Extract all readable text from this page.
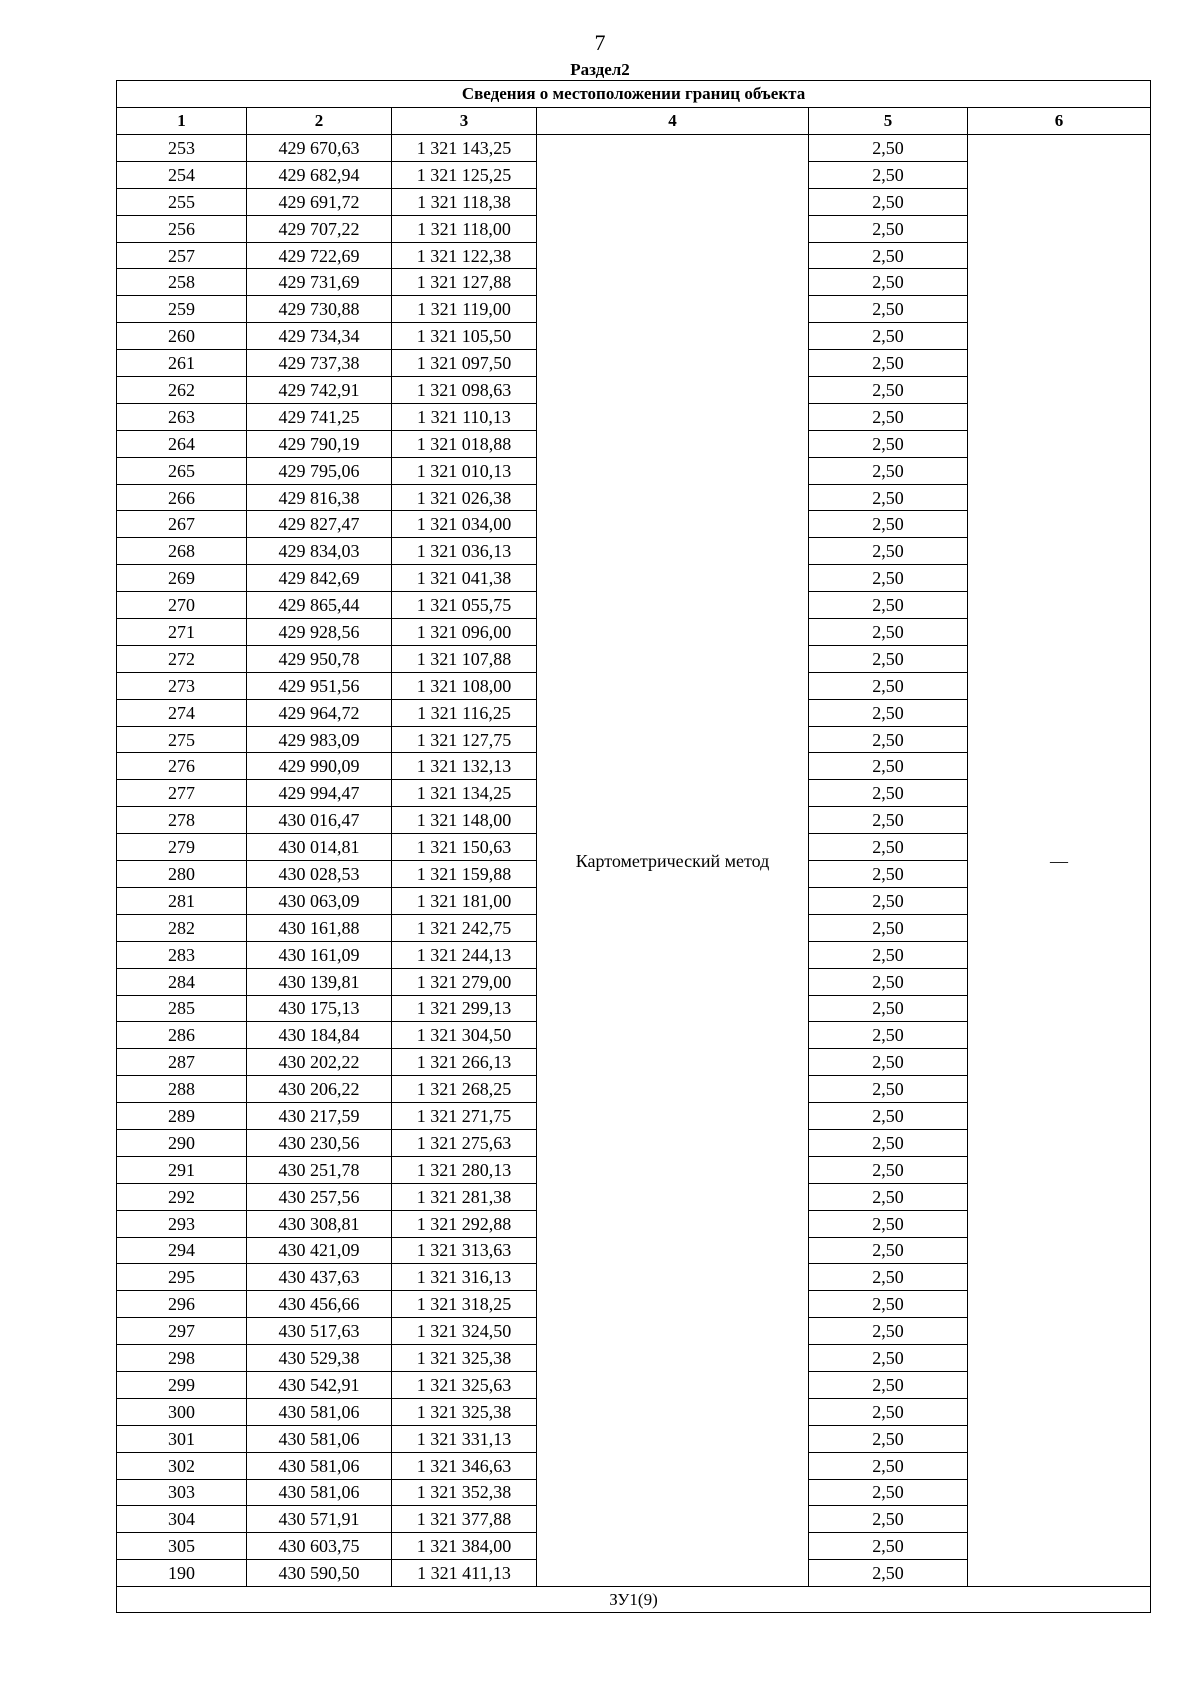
7
Раздел2
Сведения о местоположении границ объекта					
1	2	3	4	5	6
253	429 670,63	1 321 143,25	Картометрический метод	2,50	—
254	429 682,94	1 321 125,25		2,50	
255	429 691,72	1 321 118,38		2,50	
256	429 707,22	1 321 118,00		2,50	
257	429 722,69	1 321 122,38		2,50	
258	429 731,69	1 321 127,88		2,50	
259	429 730,88	1 321 119,00		2,50	
260	429 734,34	1 321 105,50		2,50	
261	429 737,38	1 321 097,50		2,50	
262	429 742,91	1 321 098,63		2,50	
263	429 741,25	1 321 110,13		2,50	
264	429 790,19	1 321 018,88		2,50	
265	429 795,06	1 321 010,13		2,50	
266	429 816,38	1 321 026,38		2,50	
267	429 827,47	1 321 034,00		2,50	
268	429 834,03	1 321 036,13		2,50	
269	429 842,69	1 321 041,38		2,50	
270	429 865,44	1 321 055,75		2,50	
271	429 928,56	1 321 096,00		2,50	
272	429 950,78	1 321 107,88		2,50	
273	429 951,56	1 321 108,00		2,50	
274	429 964,72	1 321 116,25		2,50	
275	429 983,09	1 321 127,75		2,50	
276	429 990,09	1 321 132,13		2,50	
277	429 994,47	1 321 134,25		2,50	
278	430 016,47	1 321 148,00		2,50	
279	430 014,81	1 321 150,63		2,50	
280	430 028,53	1 321 159,88		2,50	
281	430 063,09	1 321 181,00		2,50	
282	430 161,88	1 321 242,75		2,50	
283	430 161,09	1 321 244,13		2,50	
284	430 139,81	1 321 279,00		2,50	
285	430 175,13	1 321 299,13		2,50	
286	430 184,84	1 321 304,50		2,50	
287	430 202,22	1 321 266,13		2,50	
288	430 206,22	1 321 268,25		2,50	
289	430 217,59	1 321 271,75		2,50	
290	430 230,56	1 321 275,63		2,50	
291	430 251,78	1 321 280,13		2,50	
292	430 257,56	1 321 281,38		2,50	
293	430 308,81	1 321 292,88		2,50	
294	430 421,09	1 321 313,63		2,50	
295	430 437,63	1 321 316,13		2,50	
296	430 456,66	1 321 318,25		2,50	
297	430 517,63	1 321 324,50		2,50	
298	430 529,38	1 321 325,38		2,50	
299	430 542,91	1 321 325,63		2,50	
300	430 581,06	1 321 325,38		2,50	
301	430 581,06	1 321 331,13		2,50	
302	430 581,06	1 321 346,63		2,50	
303	430 581,06	1 321 352,38		2,50	
304	430 571,91	1 321 377,88		2,50	
305	430 603,75	1 321 384,00		2,50	
190	430 590,50	1 321 411,13		2,50	
ЗУ1(9)					
